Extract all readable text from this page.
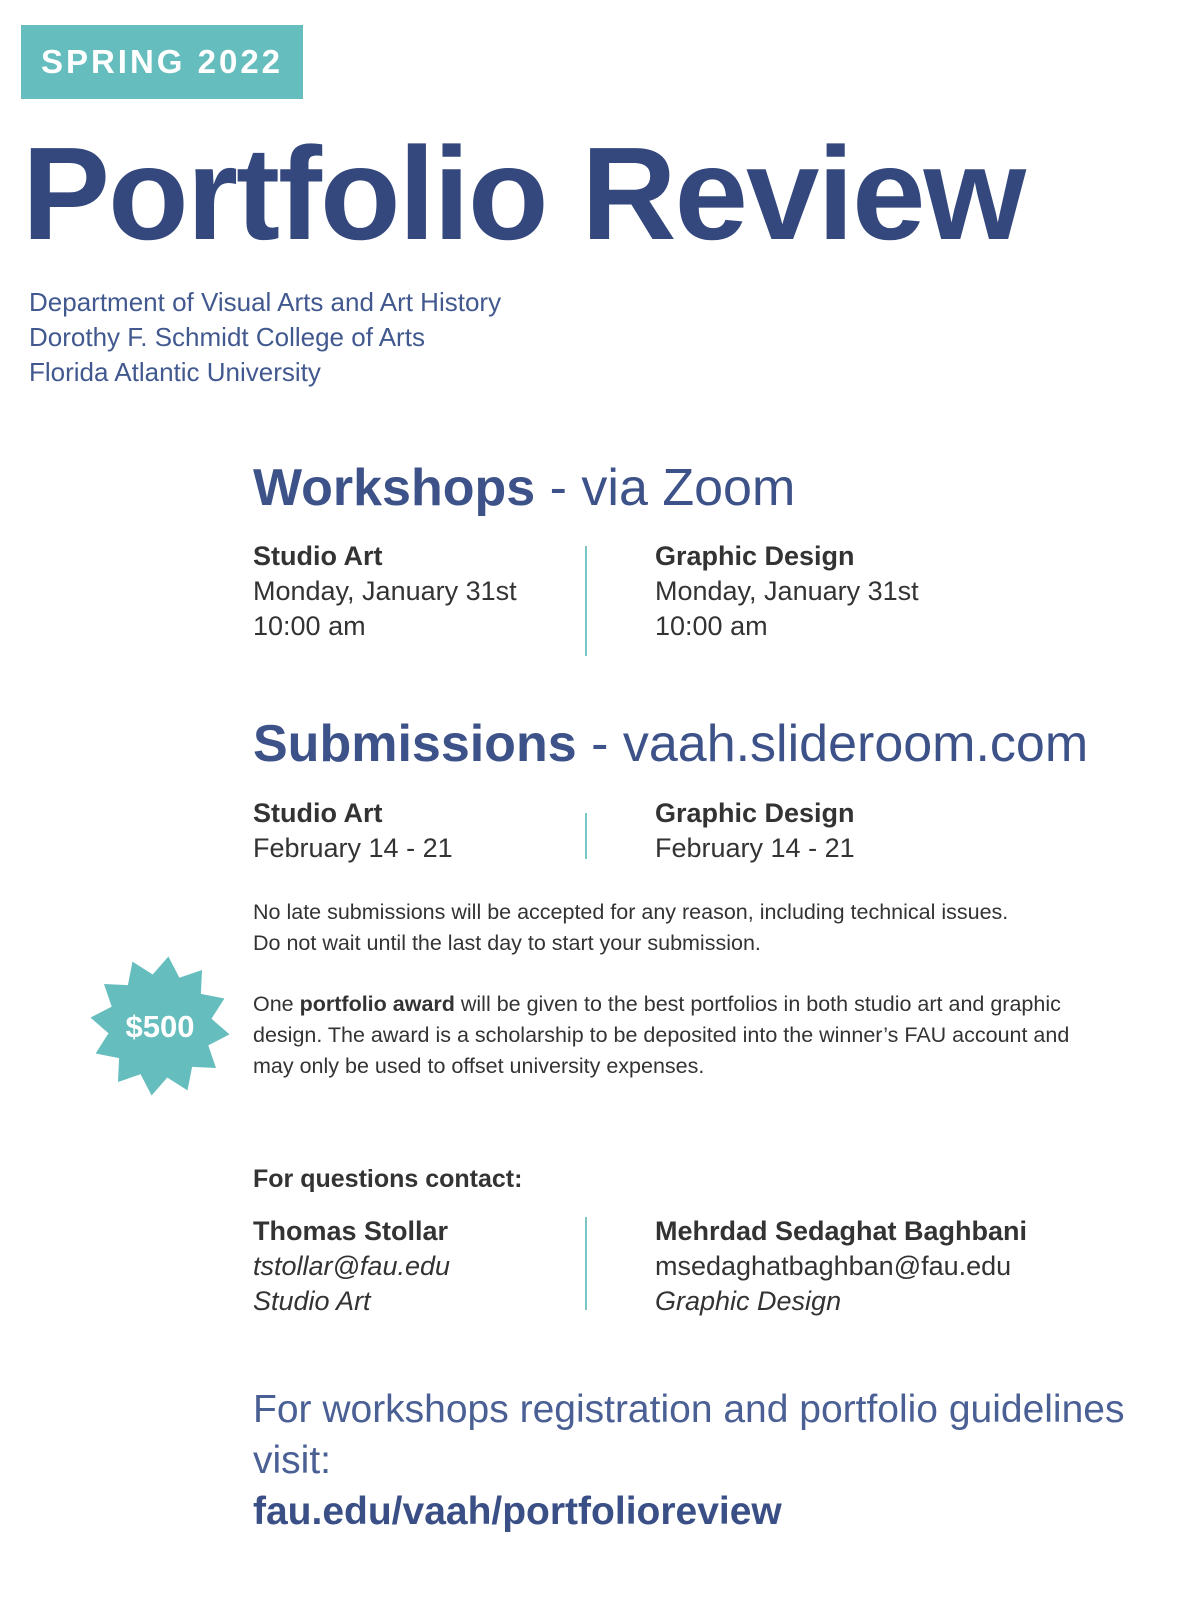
SPRING 2022
Portfolio Review
Department of Visual Arts and Art History
Dorothy F. Schmidt College of Arts
Florida Atlantic University
Workshops - via Zoom
Studio Art
Monday, January 31st
10:00 am
Graphic Design
Monday, January 31st
10:00 am
Submissions - vaah.slideroom.com
Studio Art
February 14 - 21
Graphic Design
February 14 - 21
No late submissions will be accepted for any reason, including technical issues.
Do not wait until the last day to start your submission.
$500
One portfolio award will be given to the best portfolios in both studio art and graphic design. The award is a scholarship to be deposited into the winner’s FAU account and may only be used to offset university expenses.
For questions contact:
Thomas Stollar
tstollar@fau.edu
Studio Art
Mehrdad Sedaghat Baghbani
msedaghatbaghban@fau.edu
Graphic Design
For workshops registration and portfolio guidelines visit:
fau.edu/vaah/portfolioreview
